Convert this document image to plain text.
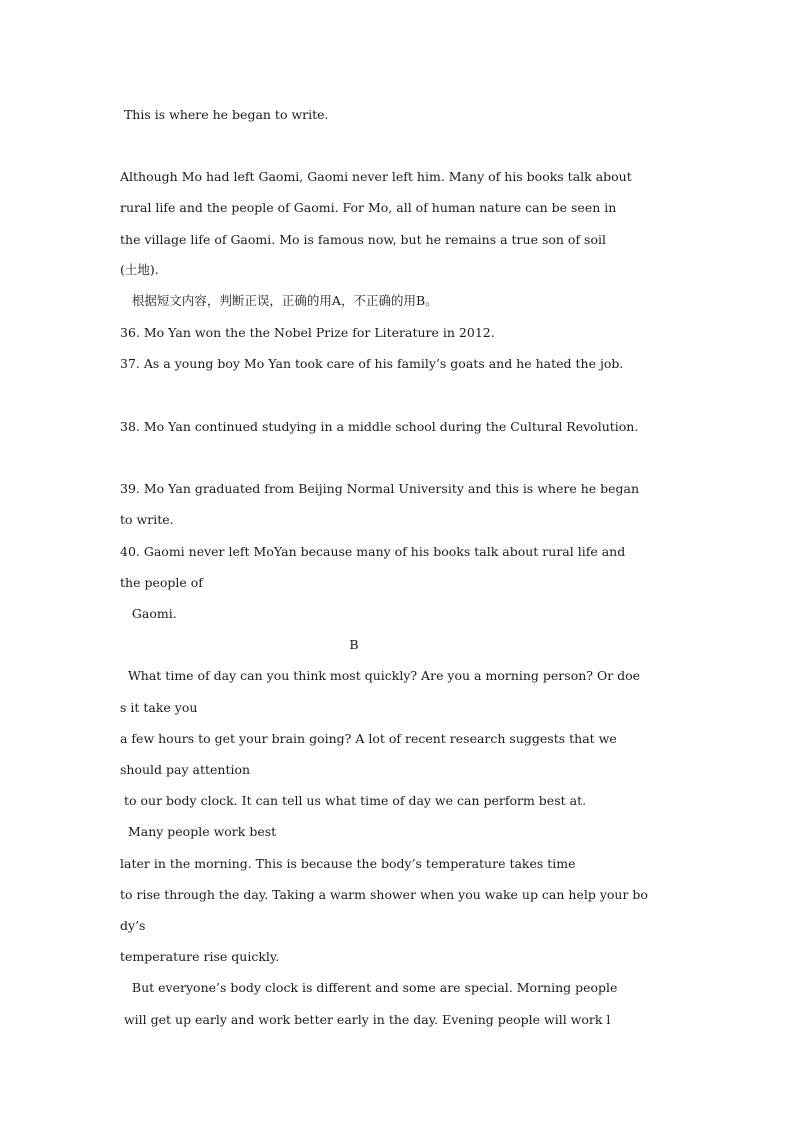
This is where he began to write.

Although Mo had left Gaomi, Gaomi never left him. Many of his books talk about

rural life and the people of Gaomi. For Mo, all of human nature can be seen in

the village life of Gaomi. Mo is famous now, but he remains a true son of soil

(土地).

根据短文内容，判断正误，正确的用A，不正确的用B。

36. Mo Yan won the the Nobel Prize for Literature in 2012.

37. As a young boy Mo Yan took care of his family’s goats and he hated the job.

38. Mo Yan continued studying in a middle school during the Cultural Revolution.

39. Mo Yan graduated from Beijing Normal University and this is where he began

to write.

40. Gaomi never left MoYan because many of his books talk about rural life and

the people of

Gaomi.

B

What time of day can you think most quickly? Are you a morning person? Or doe

s it take you

a few hours to get your brain going? A lot of recent research suggests that we

should pay attention

to our body clock. It can tell us what time of day we can perform best at.

Many people work best

later in the morning. This is because the body’s temperature takes time

to rise through the day. Taking a warm shower when you wake up can help your bo

dy’s

temperature rise quickly.

But everyone’s body clock is different and some are special. Morning people

will get up early and work better early in the day. Evening people will work l
